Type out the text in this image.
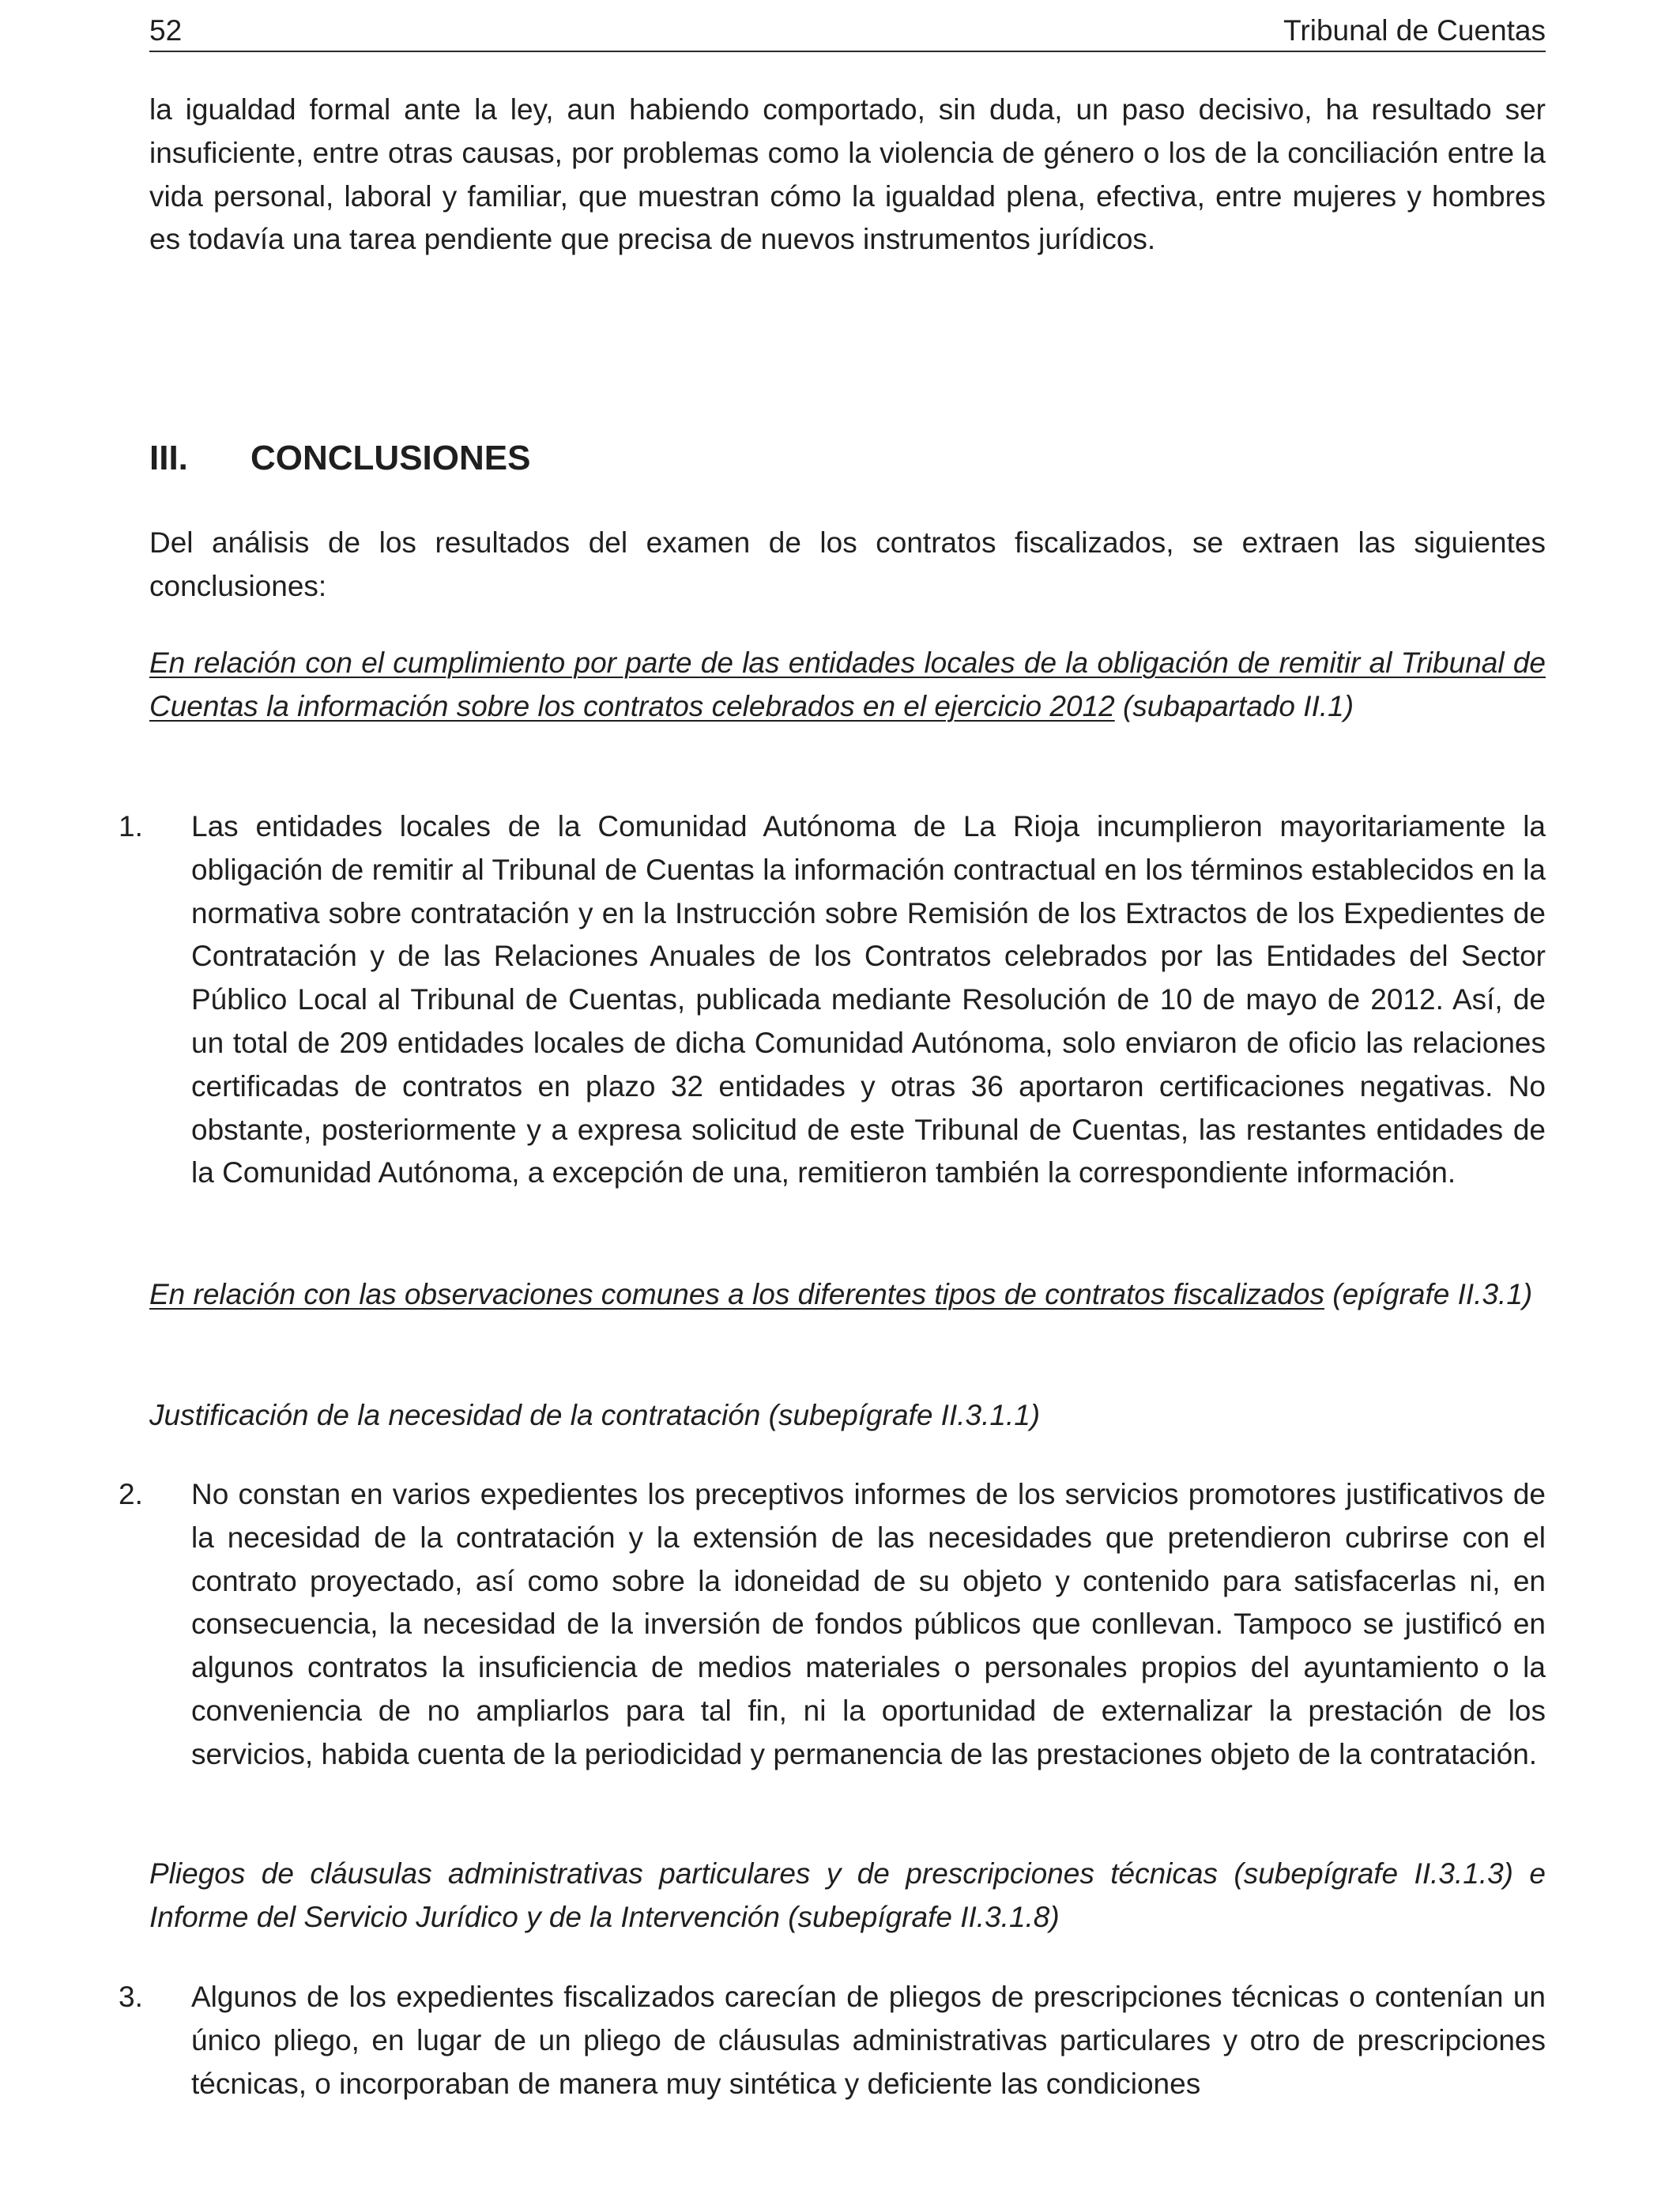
52	Tribunal de Cuentas

la igualdad formal ante la ley, aun habiendo comportado, sin duda, un paso decisivo, ha resultado ser insuficiente, entre otras causas, por problemas como la violencia de género o los de la conciliación entre la vida personal, laboral y familiar, que muestran cómo la igualdad plena, efectiva, entre mujeres y hombres es todavía una tarea pendiente que precisa de nuevos instrumentos jurídicos.

III. CONCLUSIONES

Del análisis de los resultados del examen de los contratos fiscalizados, se extraen las siguientes conclusiones:

En relación con el cumplimiento por parte de las entidades locales de la obligación de remitir al Tribunal de Cuentas la información sobre los contratos celebrados en el ejercicio 2012 (subapartado II.1)

1. Las entidades locales de la Comunidad Autónoma de La Rioja incumplieron mayoritariamente la obligación de remitir al Tribunal de Cuentas la información contractual en los términos establecidos en la normativa sobre contratación y en la Instrucción sobre Remisión de los Extractos de los Expedientes de Contratación y de las Relaciones Anuales de los Contratos celebrados por las Entidades del Sector Público Local al Tribunal de Cuentas, publicada mediante Resolución de 10 de mayo de 2012. Así, de un total de 209 entidades locales de dicha Comunidad Autónoma, solo enviaron de oficio las relaciones certificadas de contratos en plazo 32 entidades y otras 36 aportaron certificaciones negativas. No obstante, posteriormente y a expresa solicitud de este Tribunal de Cuentas, las restantes entidades de la Comunidad Autónoma, a excepción de una, remitieron también la correspondiente información.

En relación con las observaciones comunes a los diferentes tipos de contratos fiscalizados (epígrafe II.3.1)

Justificación de la necesidad de la contratación (subepígrafe II.3.1.1)

2. No constan en varios expedientes los preceptivos informes de los servicios promotores justificativos de la necesidad de la contratación y la extensión de las necesidades que pretendieron cubrirse con el contrato proyectado, así como sobre la idoneidad de su objeto y contenido para satisfacerlas ni, en consecuencia, la necesidad de la inversión de fondos públicos que conllevan. Tampoco se justificó en algunos contratos la insuficiencia de medios materiales o personales propios del ayuntamiento o la conveniencia de no ampliarlos para tal fin, ni la oportunidad de externalizar la prestación de los servicios, habida cuenta de la periodicidad y permanencia de las prestaciones objeto de la contratación.

Pliegos de cláusulas administrativas particulares y de prescripciones técnicas (subepígrafe II.3.1.3) e Informe del Servicio Jurídico y de la Intervención (subepígrafe II.3.1.8)

3. Algunos de los expedientes fiscalizados carecían de pliegos de prescripciones técnicas o contenían un único pliego, en lugar de un pliego de cláusulas administrativas particulares y otro de prescripciones técnicas, o incorporaban de manera muy sintética y deficiente las condiciones
